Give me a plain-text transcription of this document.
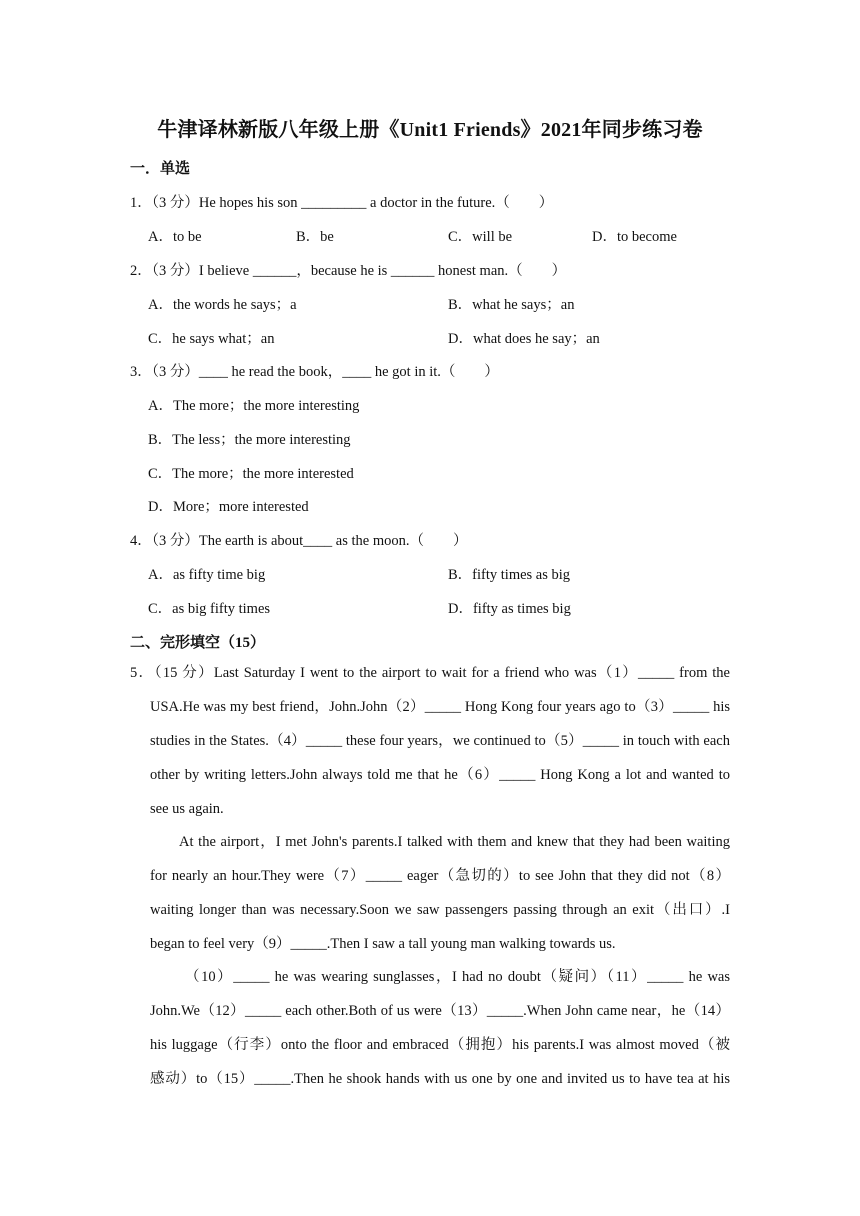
牛津译林新版八年级上册《Unit1 Friends》2021年同步练习卷
一．单选
1．（3 分）He hopes his son _________ a doctor in the future.（　　）
A．to be	B．be	C．will be	D．to become
2．（3 分）I believe ______，because he is ______ honest man.（　　）
A．the words he says；a	B．what he says；an
C．he says what；an	D．what does he say；an
3．（3 分）____ he read the book，____ he got in it.（　　）
A．The more；the more interesting
B．The less；the more interesting
C．The more；the more interested
D．More；more interested
4．（3 分）The earth is about____ as the moon.（　　）
A．as fifty time big	B．fifty times as big
C．as big fifty times	D．fifty as times big
二、完形填空（15）
5．（15 分）Last Saturday I went to the airport to wait for a friend who was（1）_____ from the
USA.He was my best friend，John.John（2）_____ Hong Kong four years ago to（3）_____ his
studies in the States.（4）_____ these four years，we continued to（5）_____ in touch with each
other by writing letters.John always told me that he（6）_____ Hong Kong a lot and wanted to
see us again.
At the airport，I met John's parents.I talked with them and knew that they had been waiting
for nearly an hour.They were（7）_____ eager（急切的）to see John that they did not（8）
waiting longer than was necessary.Soon we saw passengers passing through an exit（出口）.I
began to feel very（9）_____.Then I saw a tall young man walking towards us.
（10）_____ he was wearing sunglasses，I had no doubt（疑问）（11）_____ he was
John.We（12）_____ each other.Both of us were（13）_____.When John came near，he（14）
his luggage（行李）onto the floor and embraced（拥抱）his parents.I was almost moved（被
感动）to（15）_____.Then he shook hands with us one by one and invited us to have tea at his
